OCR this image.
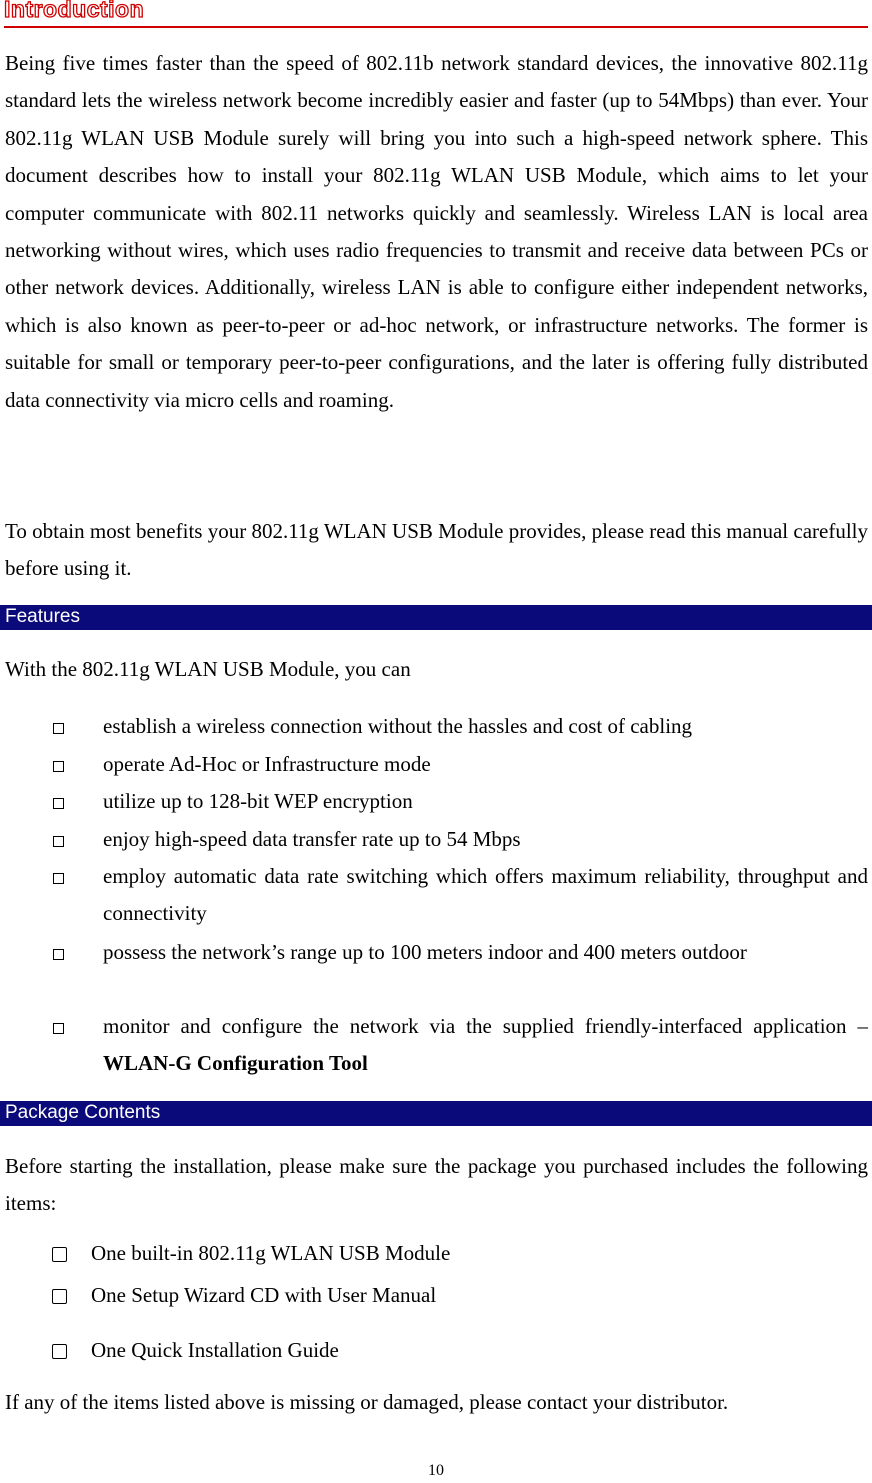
Introduction

Being five times faster than the speed of 802.11b network standard devices, the innovative 802.11g standard lets the wireless network become incredibly easier and faster (up to 54Mbps) than ever. Your 802.11g WLAN USB Module surely will bring you into such a high-speed network sphere. This document describes how to install your 802.11g WLAN USB Module, which aims to let your computer communicate with 802.11 networks quickly and seamlessly. Wireless LAN is local area networking without wires, which uses radio frequencies to transmit and receive data between PCs or other network devices. Additionally, wireless LAN is able to configure either independent networks, which is also known as peer-to-peer or ad-hoc network, or infrastructure networks. The former is suitable for small or temporary peer-to-peer configurations, and the later is offering fully distributed data connectivity via micro cells and roaming.

To obtain most benefits your 802.11g WLAN USB Module provides, please read this manual carefully before using it.

Features

With the 802.11g WLAN USB Module, you can

establish a wireless connection without the hassles and cost of cabling

operate Ad-Hoc or Infrastructure mode

utilize up to 128-bit WEP encryption

enjoy high-speed data transfer rate up to 54 Mbps

employ automatic data rate switching which offers maximum reliability, throughput and connectivity

possess the network’s range up to 100 meters indoor and 400 meters outdoor

monitor and configure the network via the supplied friendly-interfaced application – WLAN-G Configuration Tool

Package Contents

Before starting the installation, please make sure the package you purchased includes the following items:

One built-in 802.11g WLAN USB Module
One Setup Wizard CD with User Manual
One Quick Installation Guide

If any of the items listed above is missing or damaged, please contact your distributor.

10
